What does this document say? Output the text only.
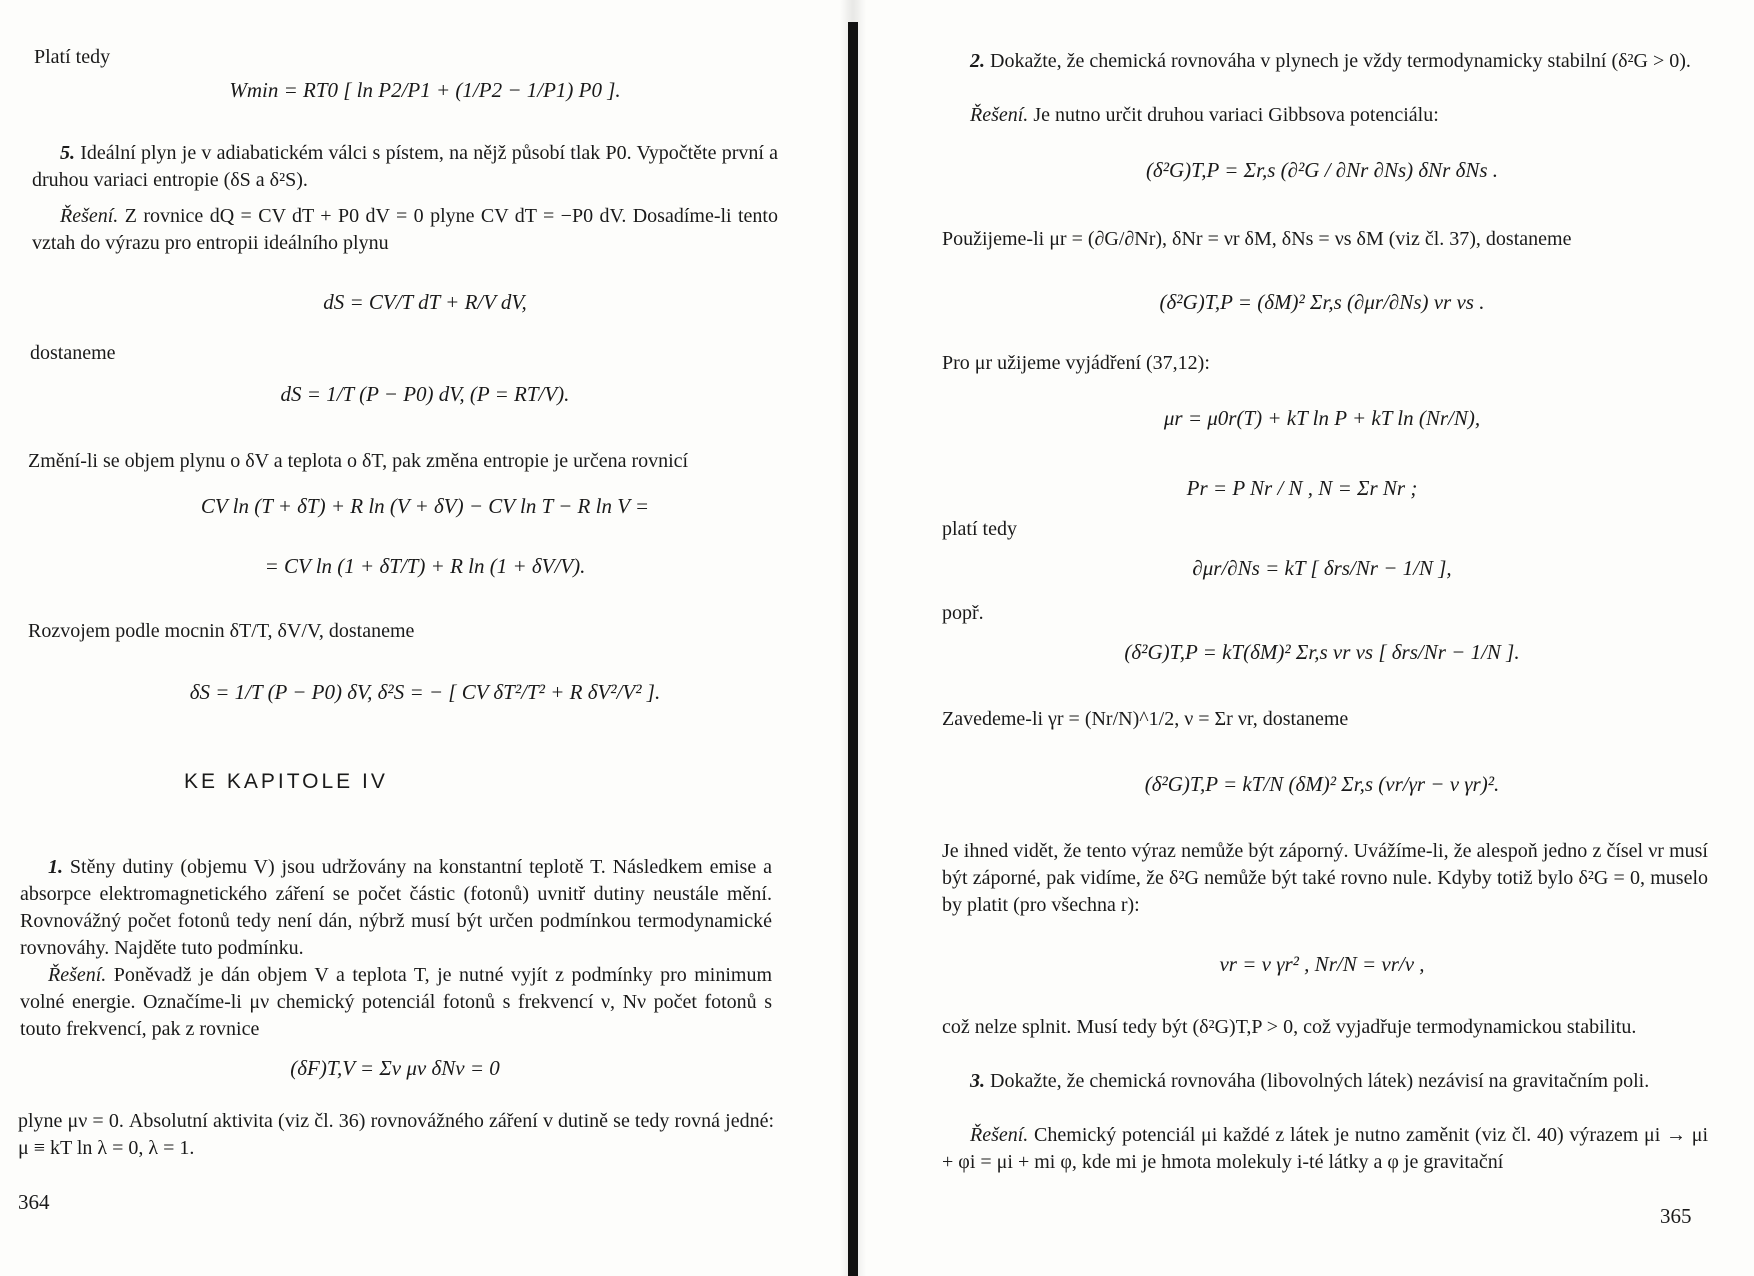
Platí tedy
Wmin = RT0 [ ln P2/P1 + (1/P2 − 1/P1) P0 ].
5. Ideální plyn je v adiabatickém válci s pístem, na nějž působí tlak P0. Vypočtěte první a druhou variaci entropie (δS a δ²S).
Řešení. Z rovnice dQ = CV dT + P0 dV = 0 plyne CV dT = −P0 dV. Dosadíme-li tento vztah do výrazu pro entropii ideálního plynu
dS = CV/T dT + R/V dV,
dostaneme
dS = 1/T (P − P0) dV, (P = RT/V).
Změní-li se objem plynu o δV a teplota o δT, pak změna entropie je určena rovnicí
CV ln (T + δT) + R ln (V + δV) − CV ln T − R ln V =
= CV ln (1 + δT/T) + R ln (1 + δV/V).
Rozvojem podle mocnin δT/T, δV/V, dostaneme
δS = 1/T (P − P0) δV, δ²S = − [ CV δT²/T² + R δV²/V² ].
KE KAPITOLE IV
1. Stěny dutiny (objemu V) jsou udržovány na konstantní teplotě T. Následkem emise a absorpce elektromagnetického záření se počet částic (fotonů) uvnitř dutiny neustále mění. Rovnovážný počet fotonů tedy není dán, nýbrž musí být určen podmínkou termodynamické rovnováhy. Najděte tuto podmínku.
Řešení. Poněvadž je dán objem V a teplota T, je nutné vyjít z podmínky pro minimum volné energie. Označíme-li μν chemický potenciál fotonů s frekvencí ν, Nν počet fotonů s touto frekvencí, pak z rovnice
(δF)T,V = Σν μν δNν = 0
plyne μν = 0. Absolutní aktivita (viz čl. 36) rovnovážného záření v dutině se tedy rovná jedné: μ ≡ kT ln λ = 0, λ = 1.
364
2. Dokažte, že chemická rovnováha v plynech je vždy termodynamicky stabilní (δ²G > 0).
Řešení. Je nutno určit druhou variaci Gibbsova potenciálu:
(δ²G)T,P = Σr,s (∂²G / ∂Nr ∂Ns) δNr δNs .
Použijeme-li μr = (∂G/∂Nr), δNr = νr δM, δNs = νs δM (viz čl. 37), dostaneme
(δ²G)T,P = (δM)² Σr,s (∂μr/∂Ns) νr νs .
Pro μr užijeme vyjádření (37,12):
μr = μ0r(T) + kT ln P + kT ln (Nr/N),
Pr = P Nr / N , N = Σr Nr ;
platí tedy
∂μr/∂Ns = kT [ δrs/Nr − 1/N ],
popř.
(δ²G)T,P = kT(δM)² Σr,s νr νs [ δrs/Nr − 1/N ].
Zavedeme-li γr = (Nr/N)^1/2, ν = Σr νr, dostaneme
(δ²G)T,P = kT/N (δM)² Σr,s (νr/γr − ν γr)².
Je ihned vidět, že tento výraz nemůže být záporný. Uvážíme-li, že alespoň jedno z čísel νr musí být záporné, pak vidíme, že δ²G nemůže být také rovno nule. Kdyby totiž bylo δ²G = 0, muselo by platit (pro všechna r):
νr = ν γr² , Nr/N = νr/ν ,
což nelze splnit. Musí tedy být (δ²G)T,P > 0, což vyjadřuje termodynamickou stabilitu.
3. Dokažte, že chemická rovnováha (libovolných látek) nezávisí na gravitačním poli.
Řešení. Chemický potenciál μi každé z látek je nutno zaměnit (viz čl. 40) výrazem μi → μi + φi = μi + mi φ, kde mi je hmota molekuly i-té látky a φ je gravitační
365
